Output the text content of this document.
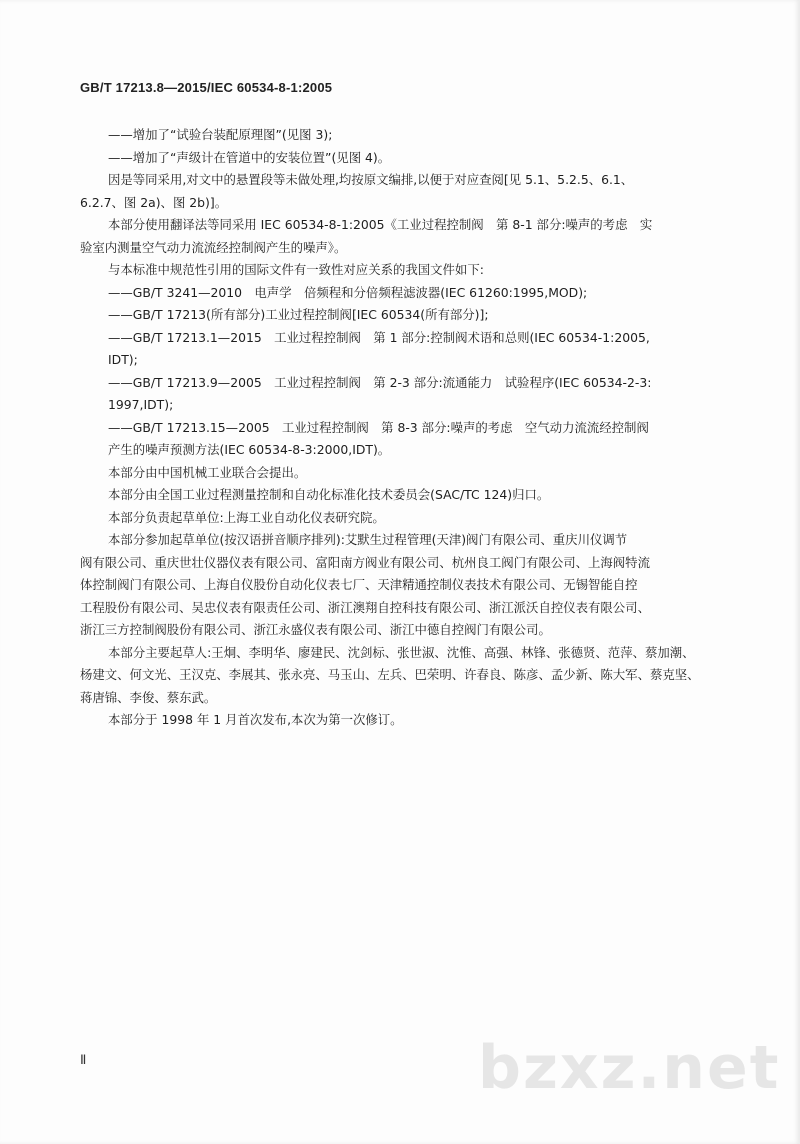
GB/T 17213.8—2015/IEC 60534-8-1:2005

——增加了“试验台装配原理图”(见图 3);

——增加了“声级计在管道中的安装位置”(见图 4)。

因是等同采用,对文中的悬置段等未做处理,均按原文编排,以便于对应查阅[见 5.1、5.2.5、6.1、

6.2.7、图 2a)、图 2b)]。

本部分使用翻译法等同采用 IEC 60534-8-1:2005《工业过程控制阀　第 8-1 部分:噪声的考虑　实

验室内测量空气动力流流经控制阀产生的噪声》。

与本标准中规范性引用的国际文件有一致性对应关系的我国文件如下:

——GB/T 3241—2010　电声学　倍频程和分倍频程滤波器(IEC 61260:1995,MOD);

——GB/T 17213(所有部分)工业过程控制阀[IEC 60534(所有部分)];

——GB/T 17213.1—2015　工业过程控制阀　第 1 部分:控制阀术语和总则(IEC 60534-1:2005,

IDT);

——GB/T 17213.9—2005　工业过程控制阀　第 2-3 部分:流通能力　试验程序(IEC 60534-2-3:

1997,IDT);

——GB/T 17213.15—2005　工业过程控制阀　第 8-3 部分:噪声的考虑　空气动力流流经控制阀

产生的噪声预测方法(IEC 60534-8-3:2000,IDT)。

本部分由中国机械工业联合会提出。

本部分由全国工业过程测量控制和自动化标准化技术委员会(SAC/TC 124)归口。

本部分负责起草单位:上海工业自动化仪表研究院。

本部分参加起草单位(按汉语拼音顺序排列):艾默生过程管理(天津)阀门有限公司、重庆川仪调节

阀有限公司、重庆世壮仪器仪表有限公司、富阳南方阀业有限公司、杭州良工阀门有限公司、上海阀特流

体控制阀门有限公司、上海自仪股份自动化仪表七厂、天津精通控制仪表技术有限公司、无锡智能自控

工程股份有限公司、吴忠仪表有限责任公司、浙江澳翔自控科技有限公司、浙江派沃自控仪表有限公司、

浙江三方控制阀股份有限公司、浙江永盛仪表有限公司、浙江中德自控阀门有限公司。

本部分主要起草人:王炯、李明华、廖建民、沈剑标、张世淑、沈惟、高强、林锋、张德贤、范萍、蔡加潮、

杨建文、何文光、王汉克、李展其、张永亮、马玉山、左兵、巴荣明、许春良、陈彦、孟少新、陈大军、蔡克坚、

蒋唐锦、李俊、蔡东武。

本部分于 1998 年 1 月首次发布,本次为第一次修订。

Ⅱ	bzxz.net
